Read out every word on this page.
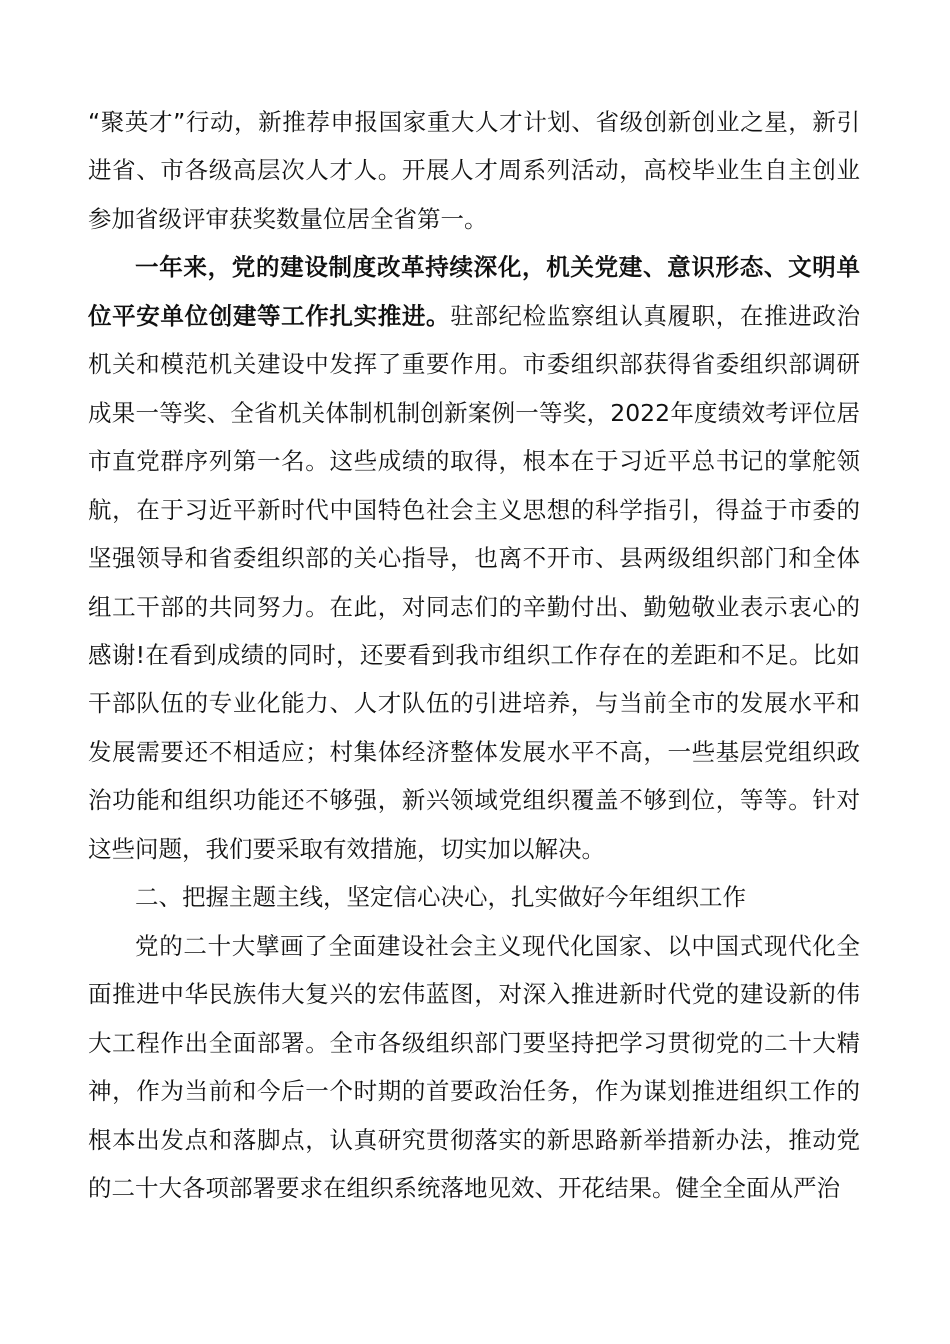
“聚英才”行动，新推荐申报国家重大人才计划、省级创新创业之星，新引进省、市各级高层次人才人。开展人才周系列活动，高校毕业生自主创业参加省级评审获奖数量位居全省第一。

一年来，党的建设制度改革持续深化，机关党建、意识形态、文明单位平安单位创建等工作扎实推进。驻部纪检监察组认真履职，在推进政治机关和模范机关建设中发挥了重要作用。市委组织部获得省委组织部调研成果一等奖、全省机关体制机制创新案例一等奖，2022年度绩效考评位居市直党群序列第一名。这些成绩的取得，根本在于习近平总书记的掌舵领航，在于习近平新时代中国特色社会主义思想的科学指引，得益于市委的坚强领导和省委组织部的关心指导，也离不开市、县两级组织部门和全体组工干部的共同努力。在此，对同志们的辛勤付出、勤勉敬业表示衷心的感谢!在看到成绩的同时，还要看到我市组织工作存在的差距和不足。比如干部队伍的专业化能力、人才队伍的引进培养，与当前全市的发展水平和发展需要还不相适应；村集体经济整体发展水平不高，一些基层党组织政治功能和组织功能还不够强，新兴领域党组织覆盖不够到位，等等。针对这些问题，我们要采取有效措施，切实加以解决。

二、把握主题主线，坚定信心决心，扎实做好今年组织工作

党的二十大擘画了全面建设社会主义现代化国家、以中国式现代化全面推进中华民族伟大复兴的宏伟蓝图，对深入推进新时代党的建设新的伟大工程作出全面部署。全市各级组织部门要坚持把学习贯彻党的二十大精神，作为当前和今后一个时期的首要政治任务，作为谋划推进组织工作的根本出发点和落脚点，认真研究贯彻落实的新思路新举措新办法，推动党的二十大各项部署要求在组织系统落地见效、开花结果。健全全面从严治
